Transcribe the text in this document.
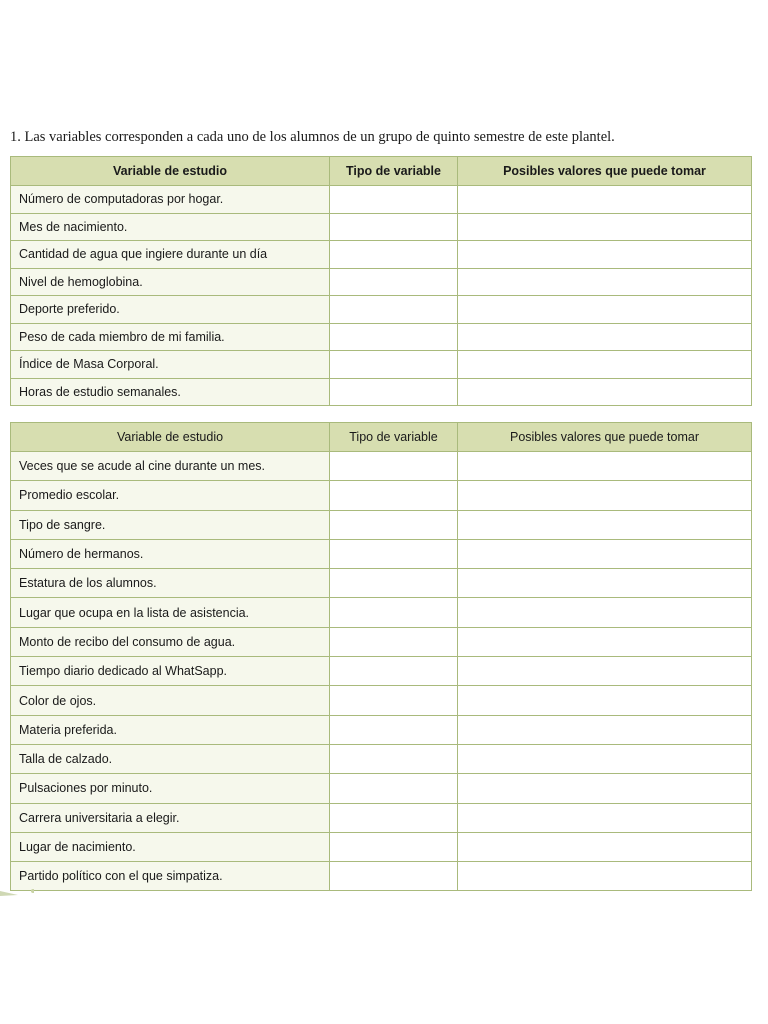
1. Las variables corresponden a cada uno de los alumnos de un grupo de quinto semestre de este plantel.
Variable de estudio	Tipo de variable	Posibles valores que puede tomar
Número de computadoras por hogar.		
Mes de nacimiento.		
Cantidad de agua que ingiere durante un día		
Nivel de hemoglobina.		
Deporte preferido.		
Peso de cada miembro de mi familia.		
Índice de Masa Corporal.		
Horas de estudio semanales.		
Variable de estudio	Tipo de variable	Posibles valores que puede tomar
Veces que se acude al cine durante un mes.		
Promedio escolar.		
Tipo de sangre.		
Número de hermanos.		
Estatura de los alumnos.		
Lugar que ocupa en la lista de asistencia.		
Monto de recibo del consumo de agua.		
Tiempo diario dedicado al WhatSapp.		
Color de ojos.		
Materia preferida.		
Talla de calzado.		
Pulsaciones por minuto.		
Carrera universitaria a elegir.		
Lugar de nacimiento.		
Partido político con el que simpatiza.		
